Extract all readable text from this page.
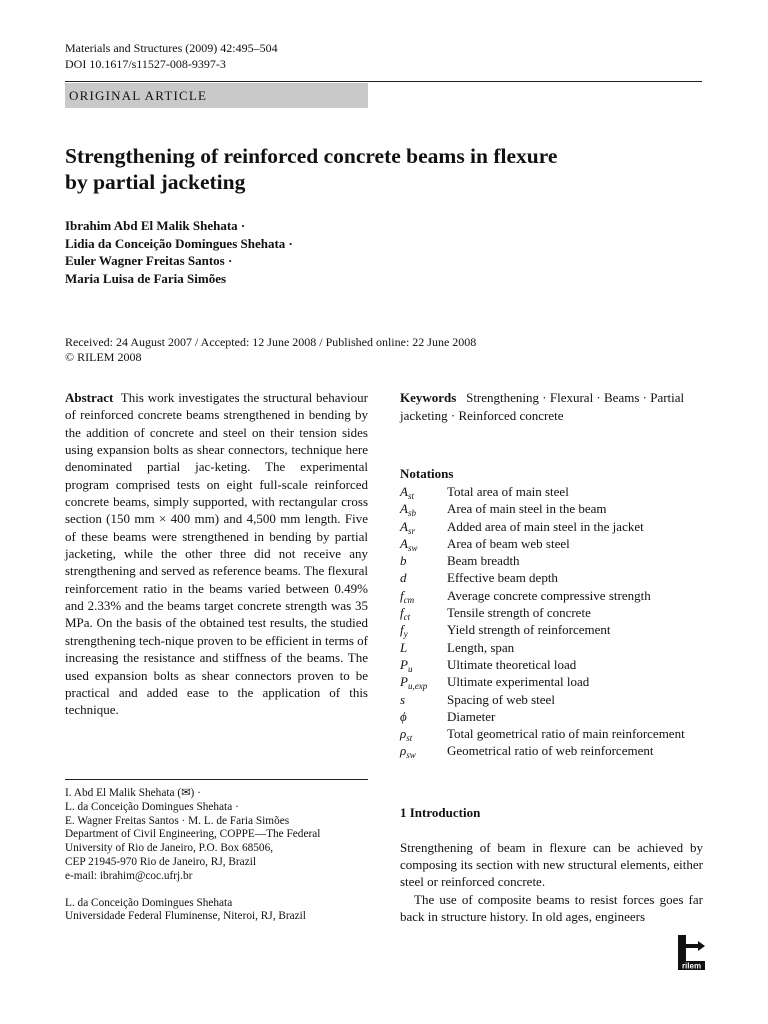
Materials and Structures (2009) 42:495–504
DOI 10.1617/s11527-008-9397-3
ORIGINAL ARTICLE
Strengthening of reinforced concrete beams in flexure
by partial jacketing
Ibrahim Abd El Malik Shehata ·
Lidia da Conceição Domingues Shehata ·
Euler Wagner Freitas Santos ·
Maria Luisa de Faria Simões
Received: 24 August 2007 / Accepted: 12 June 2008 / Published online: 22 June 2008
© RILEM 2008
Abstract This work investigates the structural behaviour of reinforced concrete beams strengthened in bending by the addition of concrete and steel on their tension sides using expansion bolts as shear connectors, technique here denominated partial jac-keting. The experimental program comprised tests on eight full-scale reinforced concrete beams, simply supported, with rectangular cross section (150 mm × 400 mm) and 4,500 mm length. Five of these beams were strengthened in bending by partial jacketing, while the other three did not receive any strengthening and served as reference beams. The flexural reinforcement ratio in the beams varied between 0.49% and 2.33% and the beams target concrete strength was 35 MPa. On the basis of the obtained test results, the studied strengthening tech-nique proven to be efficient in terms of increasing the resistance and stiffness of the beams. The used expansion bolts as shear connectors proven to be practical and added ease to the application of this technique.
Keywords Strengthening · Flexural · Beams · Partial jacketing · Reinforced concrete
Notations
$A_{st}$	Total area of main steel
$A_{sb}$ Area of main steel in the beam
$A_{sr}$ Added area of main steel in the jacket
$A_{sw}$ Area of beam web steel
b	Beam breadth
d	Effective beam depth
$f_{cm}$	Average concrete compressive strength
$f_{ct}$	Tensile strength of concrete
$f_y$	Yield strength of reinforcement
L	Length, span
$P_u$	Ultimate theoretical load
$P_{u,exp}$ Ultimate experimental load
s	Spacing of web steel
ϕ	Diameter
$\rho_{st}$	Total geometrical ratio of main reinforcement
$\rho_{sw}$ Geometrical ratio of web reinforcement
I. Abd El Malik Shehata (✉) ·
L. da Conceição Domingues Shehata ·
E. Wagner Freitas Santos · M. L. de Faria Simões
Department of Civil Engineering, COPPE—The Federal
University of Rio de Janeiro, P.O. Box 68506,
CEP 21945-970 Rio de Janeiro, RJ, Brazil
e-mail: ibrahim@coc.ufrj.br
L. da Conceição Domingues Shehata
Universidade Federal Fluminense, Niteroi, RJ, Brazil
1 Introduction

Strengthening of beam in flexure can be achieved by composing its section with new structural elements, either steel or reinforced concrete.

The use of composite beams to resist forces goes far back in structure history. In old ages, engineers

rilem
